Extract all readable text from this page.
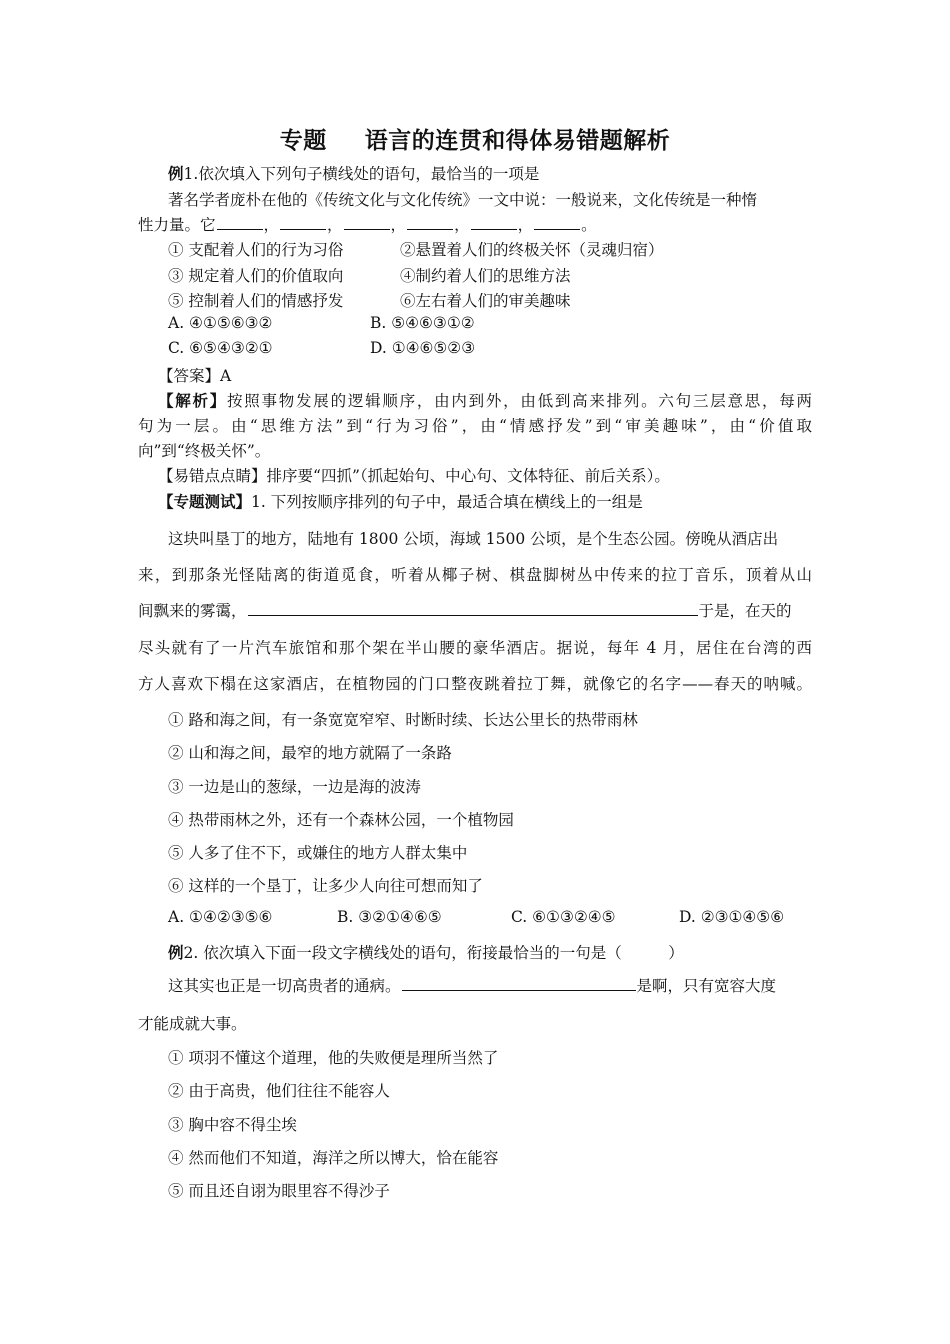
专题 语言的连贯和得体易错题解析
例1.依次填入下列句子横线处的语句，最恰当的一项是
著名学者庞朴在他的《传统文化与文化传统》一文中说：一般说来，文化传统是一种惰
性力量。它	，	，	，	，	，	。
① 支配着人们的行为习俗	②悬置着人们的终极关怀（灵魂归宿）
③ 规定着人们的价值取向	④制约着人们的思维方法
⑤ 控制着人们的情感抒发	⑥左右着人们的审美趣味
A. ④①⑤⑥③②	B. ⑤④⑥③①②
C. ⑥⑤④③②①	D. ①④⑥⑤②③
【答案】A
【解析】按照事物发展的逻辑顺序，由内到外，由低到高来排列。六句三层意思，每两
句为一层。由“思维方法”到“行为习俗”，由“情感抒发”到“审美趣味”，由“价值取
向”到“终极关怀”。
【易错点点睛】排序要“四抓”（抓起始句、中心句、文体特征、前后关系）。
【专题测试】1. 下列按顺序排列的句子中，最适合填在横线上的一组是
这块叫垦丁的地方，陆地有 1800 公顷，海域 1500 公顷，是个生态公园。傍晚从酒店出
来，到那条光怪陆离的街道觅食，听着从椰子树、棋盘脚树丛中传来的拉丁音乐，顶着从山
间飘来的雾霭，	于是，在天的
尽头就有了一片汽车旅馆和那个架在半山腰的豪华酒店。据说，每年 4 月，居住在台湾的西
方人喜欢下榻在这家酒店，在植物园的门口整夜跳着拉丁舞，就像它的名字——春天的呐喊。
① 路和海之间，有一条宽宽窄窄、时断时续、长达公里长的热带雨林
② 山和海之间，最窄的地方就隔了一条路
③ 一边是山的葱绿，一边是海的波涛
④ 热带雨林之外，还有一个森林公园，一个植物园
⑤ 人多了住不下，或嫌住的地方人群太集中
⑥ 这样的一个垦丁，让多少人向往可想而知了
A. ①④②③⑤⑥	B. ③②①④⑥⑤	C. ⑥①③②④⑤	D. ②③①④⑤⑥
例2. 依次填入下面一段文字横线处的语句，衔接最恰当的一句是（　　　）
这其实也正是一切高贵者的通病。	是啊，只有宽容大度
才能成就大事。
① 项羽不懂这个道理，他的失败便是理所当然了
② 由于高贵，他们往往不能容人
③ 胸中容不得尘埃
④ 然而他们不知道，海洋之所以博大，恰在能容
⑤ 而且还自诩为眼里容不得沙子
